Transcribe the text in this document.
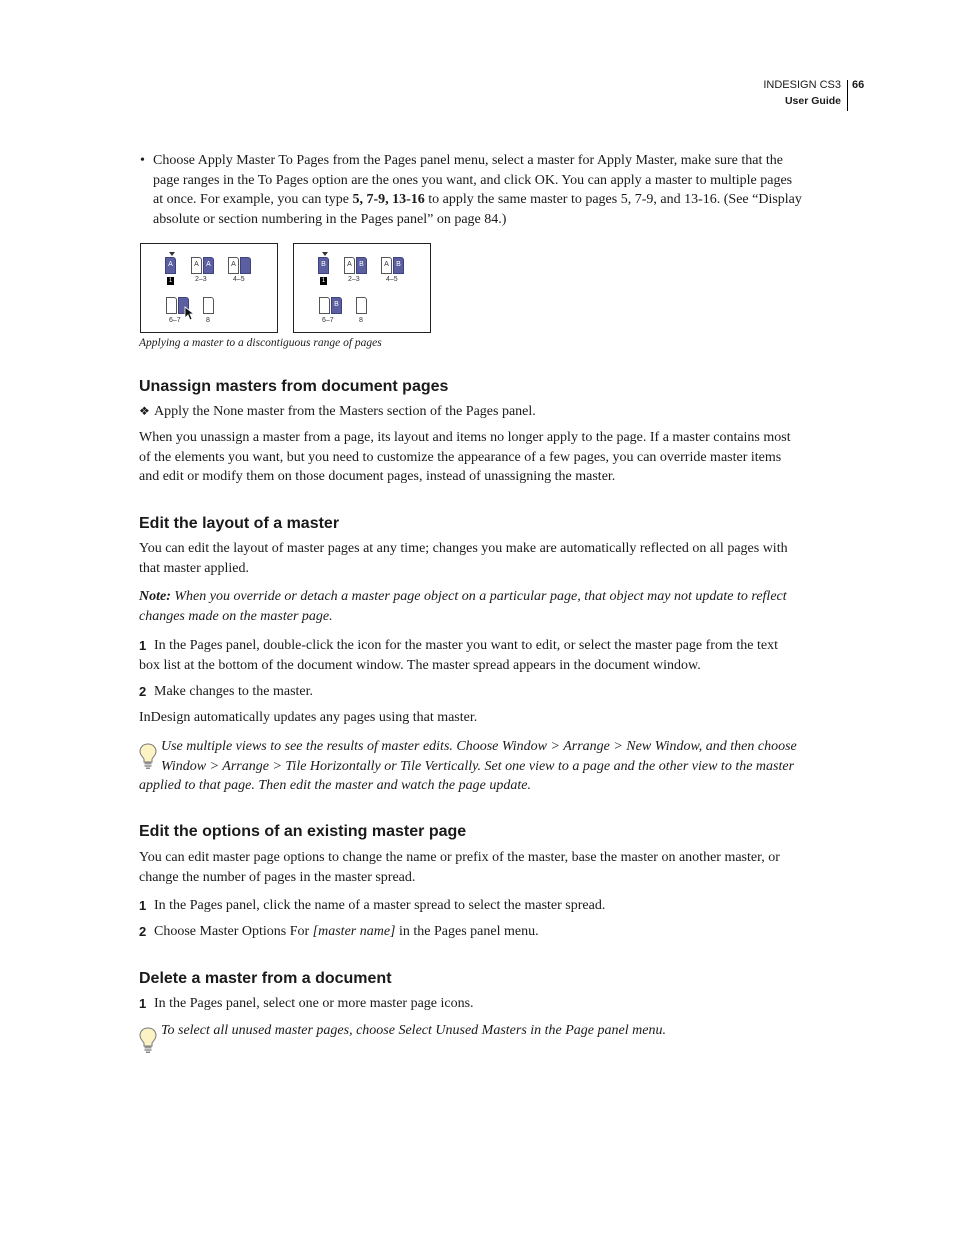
INDESIGN CS3
User Guide
66
• Choose Apply Master To Pages from the Pages panel menu, select a master for Apply Master, make sure that the
page ranges in the To Pages option are the ones you want, and click OK. You can apply a master to multiple pages
at once. For example, you can type 5, 7-9, 13-16 to apply the same master to pages 5, 7-9, and 13-16. (See “Display
absolute or section numbering in the Pages panel” on page 84.)
A
1
A	A
2–3
A
4–5
6–7	8
B
1
A	B
2–3
A	B
4–5
B
6–7	8
Applying a master to a discontiguous range of pages
Unassign masters from document pages
❖ Apply the None master from the Masters section of the Pages panel.
When you unassign a master from a page, its layout and items no longer apply to the page. If a master contains most
of the elements you want, but you need to customize the appearance of a few pages, you can override master items
and edit or modify them on those document pages, instead of unassigning the master.
Edit the layout of a master
You can edit the layout of master pages at any time; changes you make are automatically reflected on all pages with
that master applied.
Note: When you override or detach a master page object on a particular page, that object may not update to reflect
changes made on the master page.
1 In the Pages panel, double-click the icon for the master you want to edit, or select the master page from the text
box list at the bottom of the document window. The master spread appears in the document window.
2 Make changes to the master.
InDesign automatically updates any pages using that master.
Use multiple views to see the results of master edits. Choose Window > Arrange > New Window, and then choose
Window > Arrange > Tile Horizontally or Tile Vertically. Set one view to a page and the other view to the master
applied to that page. Then edit the master and watch the page update.
Edit the options of an existing master page
You can edit master page options to change the name or prefix of the master, base the master on another master, or
change the number of pages in the master spread.
1 In the Pages panel, click the name of a master spread to select the master spread.
2 Choose Master Options For [master name] in the Pages panel menu.
Delete a master from a document
1 In the Pages panel, select one or more master page icons.
To select all unused master pages, choose Select Unused Masters in the Page panel menu.
